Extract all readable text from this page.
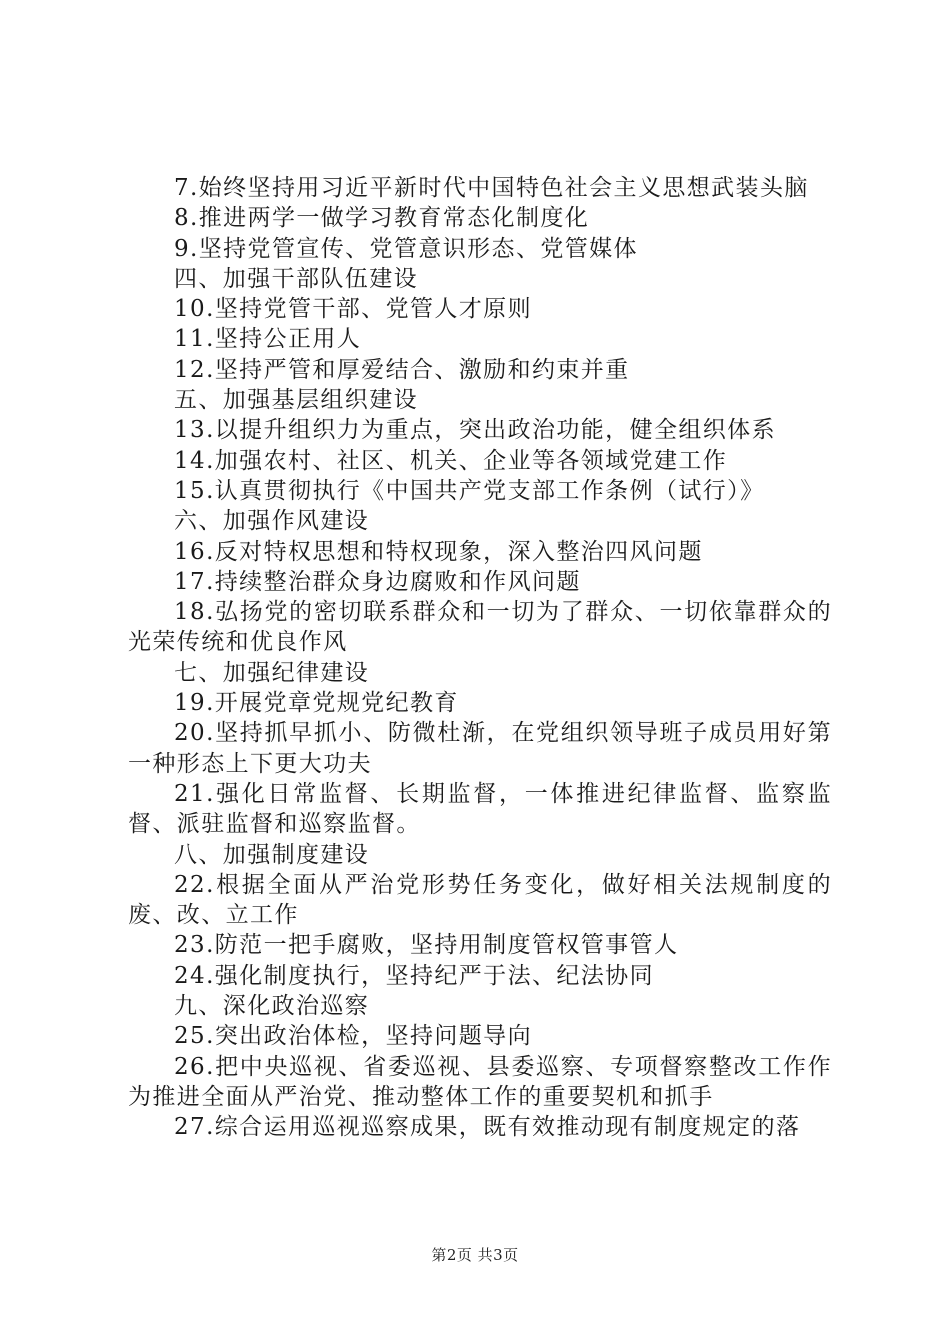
7.始终坚持用习近平新时代中国特色社会主义思想武装头脑

8.推进两学一做学习教育常态化制度化

9.坚持党管宣传、党管意识形态、党管媒体

四、加强干部队伍建设

10.坚持党管干部、党管人才原则

11.坚持公正用人

12.坚持严管和厚爱结合、激励和约束并重

五、加强基层组织建设

13.以提升组织力为重点，突出政治功能，健全组织体系

14.加强农村、社区、机关、企业等各领域党建工作

15.认真贯彻执行《中国共产党支部工作条例（试行）》

六、加强作风建设

16.反对特权思想和特权现象，深入整治四风问题

17.持续整治群众身边腐败和作风问题

18.弘扬党的密切联系群众和一切为了群众、一切依靠群众的光荣传统和优良作风

七、加强纪律建设

19.开展党章党规党纪教育

20.坚持抓早抓小、防微杜渐，在党组织领导班子成员用好第一种形态上下更大功夫

21.强化日常监督、长期监督，一体推进纪律监督、监察监督、派驻监督和巡察监督。

八、加强制度建设

22.根据全面从严治党形势任务变化，做好相关法规制度的废、改、立工作

23.防范一把手腐败，坚持用制度管权管事管人

24.强化制度执行，坚持纪严于法、纪法协同

九、深化政治巡察

25.突出政治体检，坚持问题导向

26.把中央巡视、省委巡视、县委巡察、专项督察整改工作作为推进全面从严治党、推动整体工作的重要契机和抓手

27.综合运用巡视巡察成果，既有效推动现有制度规定的落

第2页 共3页
